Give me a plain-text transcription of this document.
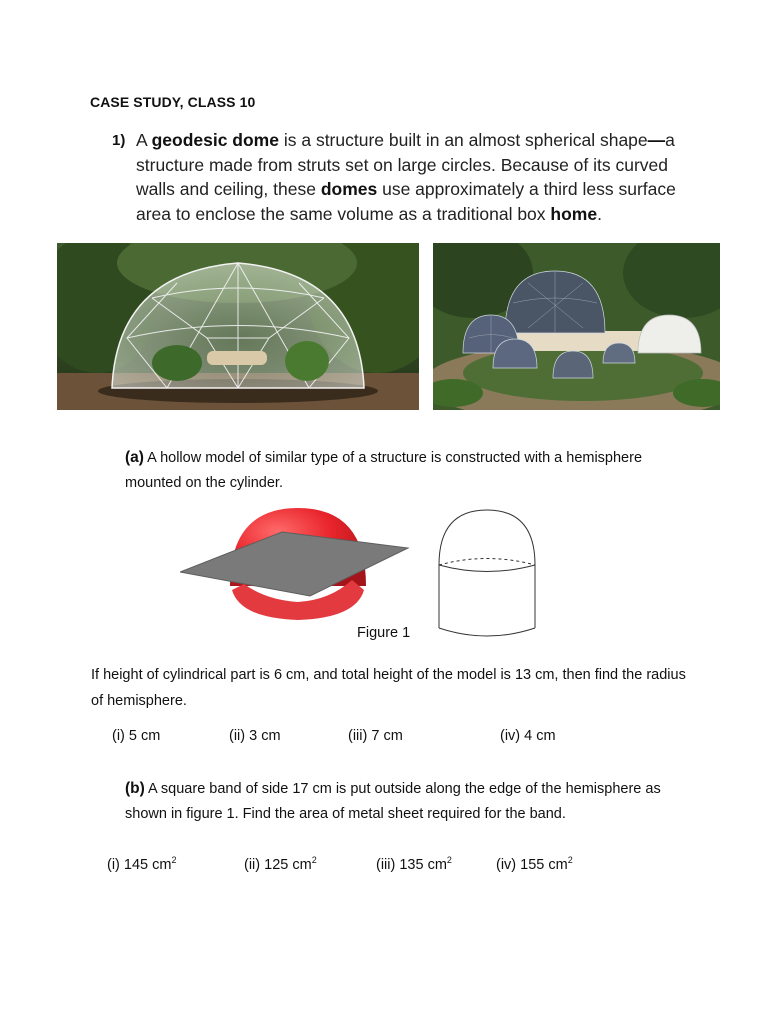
CASE STUDY, CLASS 10
1) A geodesic dome is a structure built in an almost spherical shape—a structure made from struts set on large circles. Because of its curved walls and ceiling, these domes use approximately a third less surface area to enclose the same volume as a traditional box home.
(a) A hollow model of similar type of a structure is constructed with a hemisphere mounted on the cylinder.
Figure 1
If height of cylindrical part is 6 cm, and total height of the model is 13 cm, then find the radius of hemisphere.
(i) 5 cm	(ii) 3 cm	(iii) 7 cm	(iv) 4 cm
(b) A square band of side 17 cm is put outside along the edge of the hemisphere as shown in figure 1. Find the area of metal sheet required for the band.
(i) 145 $cm^2$	(ii) 125 $cm^2$	(iii) 135 $cm^2$	(iv) 155 $cm^2$
